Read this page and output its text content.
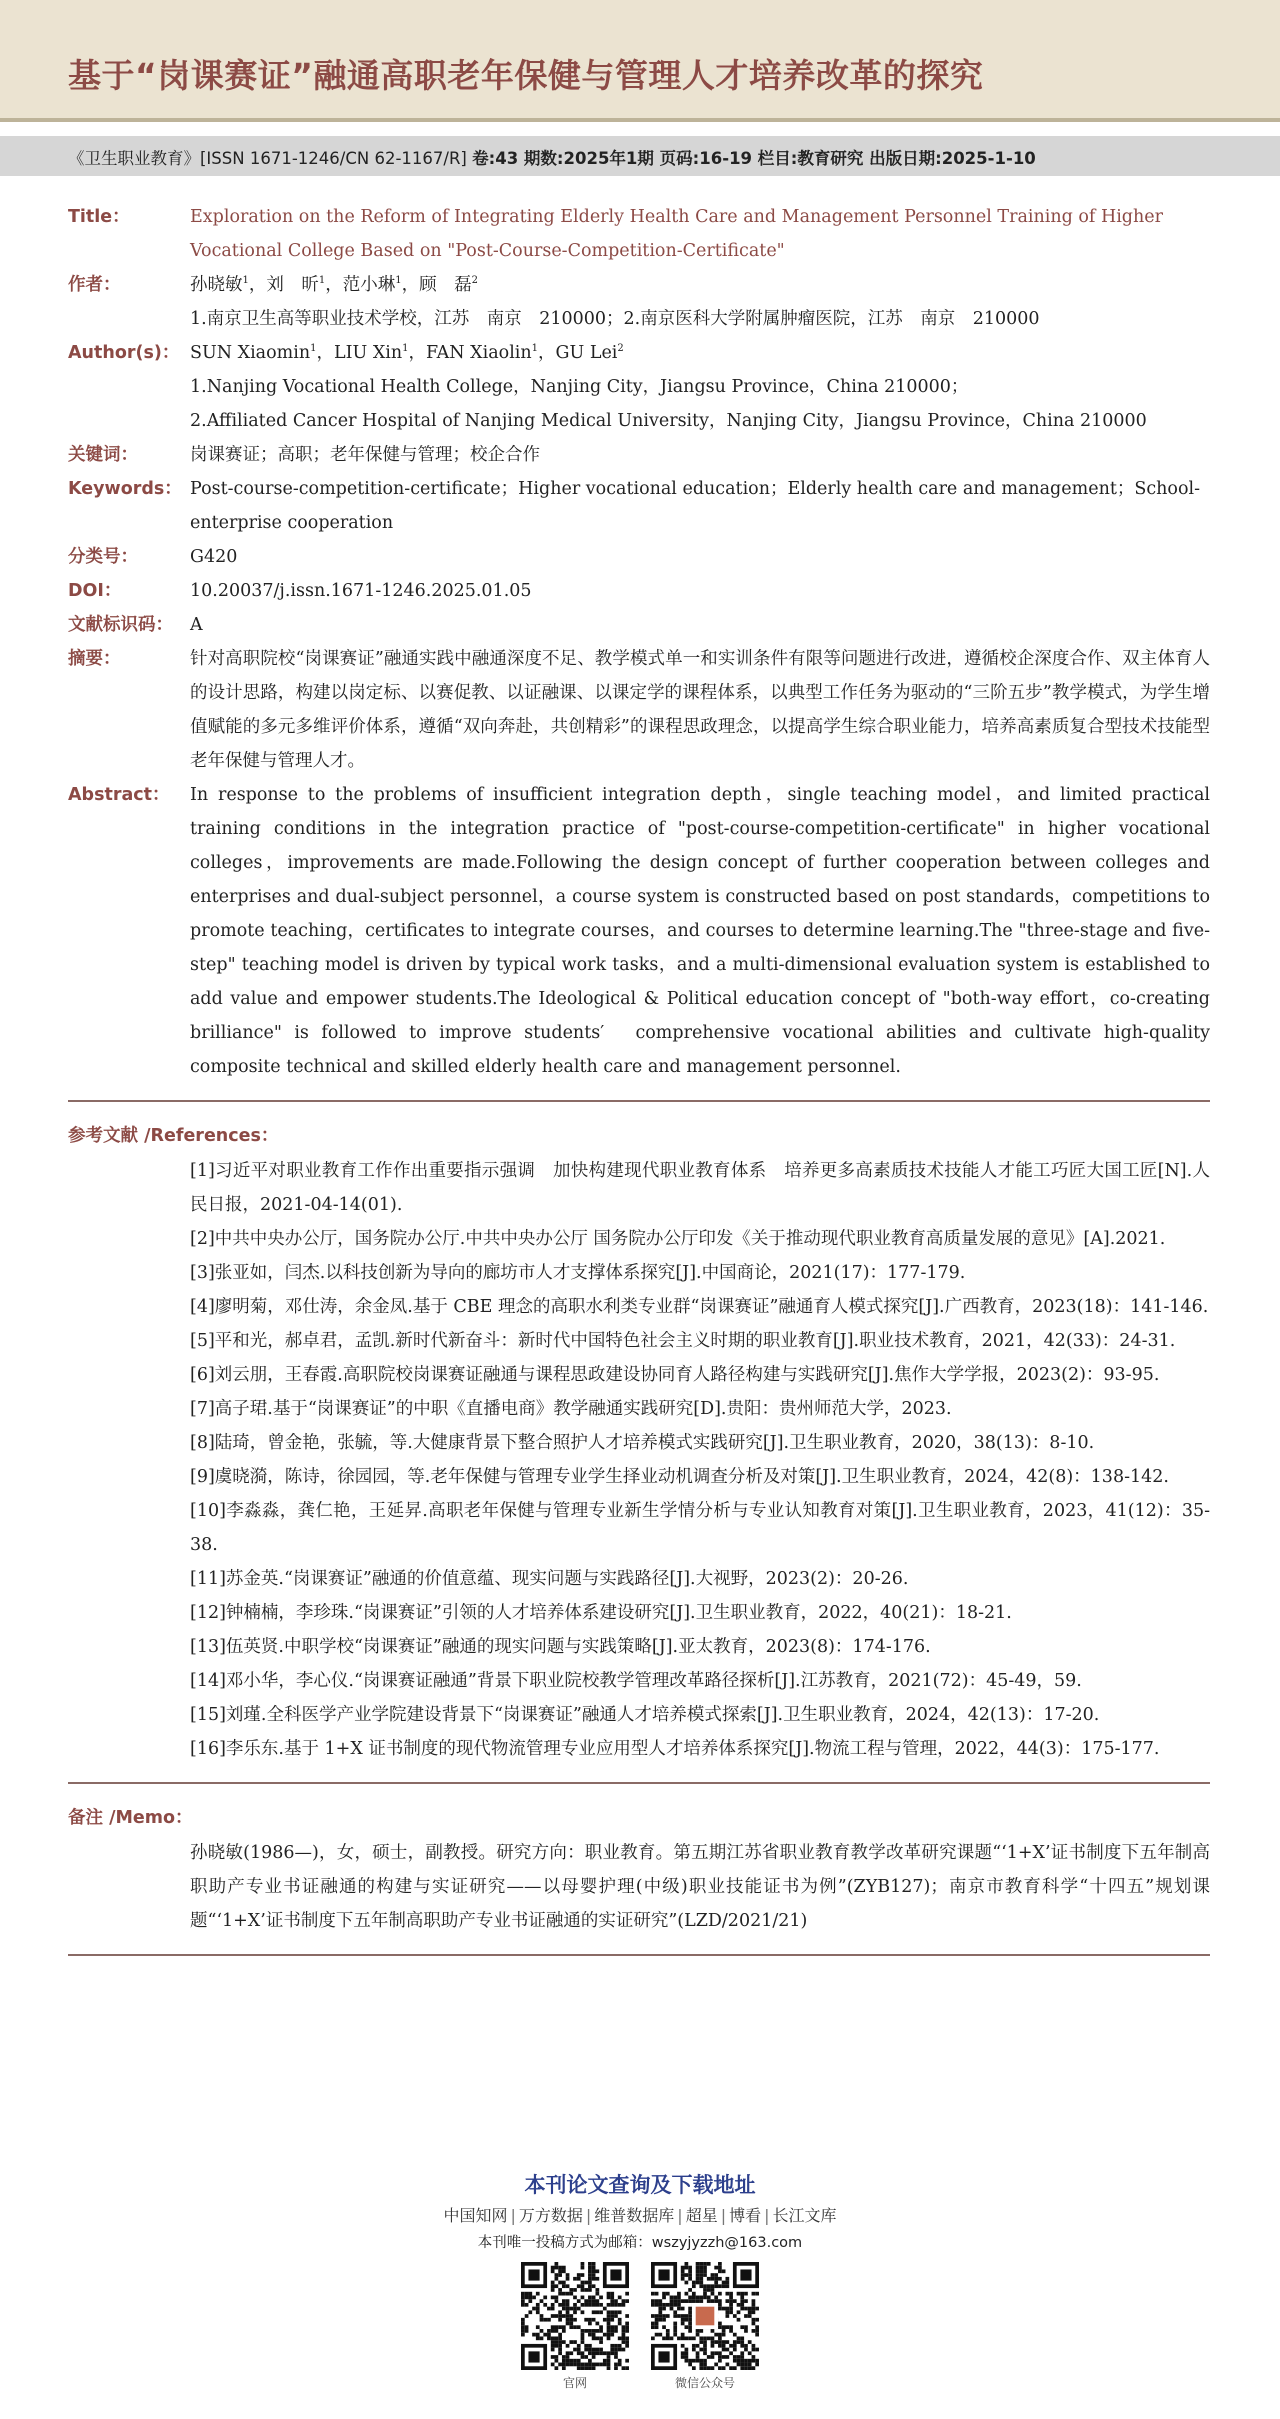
基于“岗课赛证”融通高职老年保健与管理人才培养改革的探究
《卫生职业教育》[ISSN 1671-1246/CN 62-1167/R] 卷:43 期数:2025年1期 页码:16-19 栏目:教育研究 出版日期:2025-1-10
Title：	Exploration on the Reform of Integrating Elderly Health Care and Management Personnel Training of Higher Vocational College Based on "Post-Course-Competition-Certificate"
作者：	孙晓敏$^1$，刘　昕$^1$，范小琳$^1$，顾　磊$^2$

1.南京卫生高等职业技术学校，江苏　南京　210000；2.南京医科大学附属肿瘤医院，江苏　南京　210000

Author(s)： SUN Xiaomin$^1$，LIU Xin$^1$，FAN Xiaolin$^1$，GU Lei$^2$

1.Nanjing Vocational Health College，Nanjing City，Jiangsu Province，China 210000；

2.Affiliated Cancer Hospital of Nanjing Medical University，Nanjing City，Jiangsu Province，China 210000

关键词：	岗课赛证；高职；老年保健与管理；校企合作
Keywords： Post-course-competition-certificate；Higher vocational education；Elderly health care and management；School-enterprise cooperation
分类号：	G420
DOI：	10.20037/j.issn.1671-1246.2025.01.05
文献标识码： A
摘要：	针对高职院校“岗课赛证”融通实践中融通深度不足、教学模式单一和实训条件有限等问题进行改进，遵循校企深度合作、双主体育人的设计思路，构建以岗定标、以赛促教、以证融课、以课定学的课程体系，以典型工作任务为驱动的“三阶五步”教学模式，为学生增值赋能的多元多维评价体系，遵循“双向奔赴，共创精彩”的课程思政理念，以提高学生综合职业能力，培养高素质复合型技术技能型老年保健与管理人才。
Abstract：	In response to the problems of insufficient integration depth，single teaching model，and limited practical training conditions in the integration practice of "post-course-competition-certificate" in higher vocational colleges，improvements are made.Following the design concept of further cooperation between colleges and enterprises and dual-subject personnel，a course system is constructed based on post standards，competitions to promote teaching，certificates to integrate courses，and courses to determine learning.The "three-stage and five-step" teaching model is driven by typical work tasks，and a multi-dimensional evaluation system is established to add value and empower students.The Ideological & Political education concept of "both-way effort，co-creating brilliance" is followed to improve students′　comprehensive vocational abilities and cultivate high-quality composite technical and skilled elderly health care and management personnel.
参考文献 /References：
[1]习近平对职业教育工作作出重要指示强调　加快构建现代职业教育体系　培养更多高素质技术技能人才能工巧匠大国工匠[N].人民日报，2021-04-14(01).
[2]中共中央办公厅，国务院办公厅.中共中央办公厅 国务院办公厅印发《关于推动现代职业教育高质量发展的意见》[A].2021.
[3]张亚如，闫杰.以科技创新为导向的廊坊市人才支撑体系探究[J].中国商论，2021(17)：177-179.
[4]廖明菊，邓仕涛，余金凤.基于 CBE 理念的高职水利类专业群“岗课赛证”融通育人模式探究[J].广西教育，2023(18)：141-146.
[5]平和光，郝卓君，孟凯.新时代新奋斗：新时代中国特色社会主义时期的职业教育[J].职业技术教育，2021，42(33)：24-31.
[6]刘云朋，王春霞.高职院校岗课赛证融通与课程思政建设协同育人路径构建与实践研究[J].焦作大学学报，2023(2)：93-95.
[7]高子珺.基于“岗课赛证”的中职《直播电商》教学融通实践研究[D].贵阳：贵州师范大学，2023.
[8]陆琦，曾金艳，张毓，等.大健康背景下整合照护人才培养模式实践研究[J].卫生职业教育，2020，38(13)：8-10.
[9]虞晓漪，陈诗，徐园园，等.老年保健与管理专业学生择业动机调查分析及对策[J].卫生职业教育，2024，42(8)：138-142.
[10]李淼淼，龚仁艳，王延昇.高职老年保健与管理专业新生学情分析与专业认知教育对策[J].卫生职业教育，2023，41(12)：35-38.
[11]苏金英.“岗课赛证”融通的价值意蕴、现实问题与实践路径[J].大视野，2023(2)：20-26.
[12]钟楠楠，李珍珠.“岗课赛证”引领的人才培养体系建设研究[J].卫生职业教育，2022，40(21)：18-21.
[13]伍英贤.中职学校“岗课赛证”融通的现实问题与实践策略[J].亚太教育，2023(8)：174-176.
[14]邓小华，李心仪.“岗课赛证融通”背景下职业院校教学管理改革路径探析[J].江苏教育，2021(72)：45-49，59.
[15]刘瑾.全科医学产业学院建设背景下“岗课赛证”融通人才培养模式探索[J].卫生职业教育，2024，42(13)：17-20.
[16]李乐东.基于 1+X 证书制度的现代物流管理专业应用型人才培养体系探究[J].物流工程与管理，2022，44(3)：175-177.
备注 /Memo：
孙晓敏(1986—)，女，硕士，副教授。研究方向：职业教育。第五期江苏省职业教育教学改革研究课题“‘1+X’证书制度下五年制高职助产专业书证融通的构建与实证研究——以母婴护理(中级)职业技能证书为例”(ZYB127)；南京市教育科学“十四五”规划课题“‘1+X’证书制度下五年制高职助产专业书证融通的实证研究”(LZD/2021/21)
本刊论文查询及下载地址
中国知网 | 万方数据 | 维普数据库 | 超星 | 博看 | 长江文库
本刊唯一投稿方式为邮箱：wszyjyzzh@163.com
官网	微信公众号
